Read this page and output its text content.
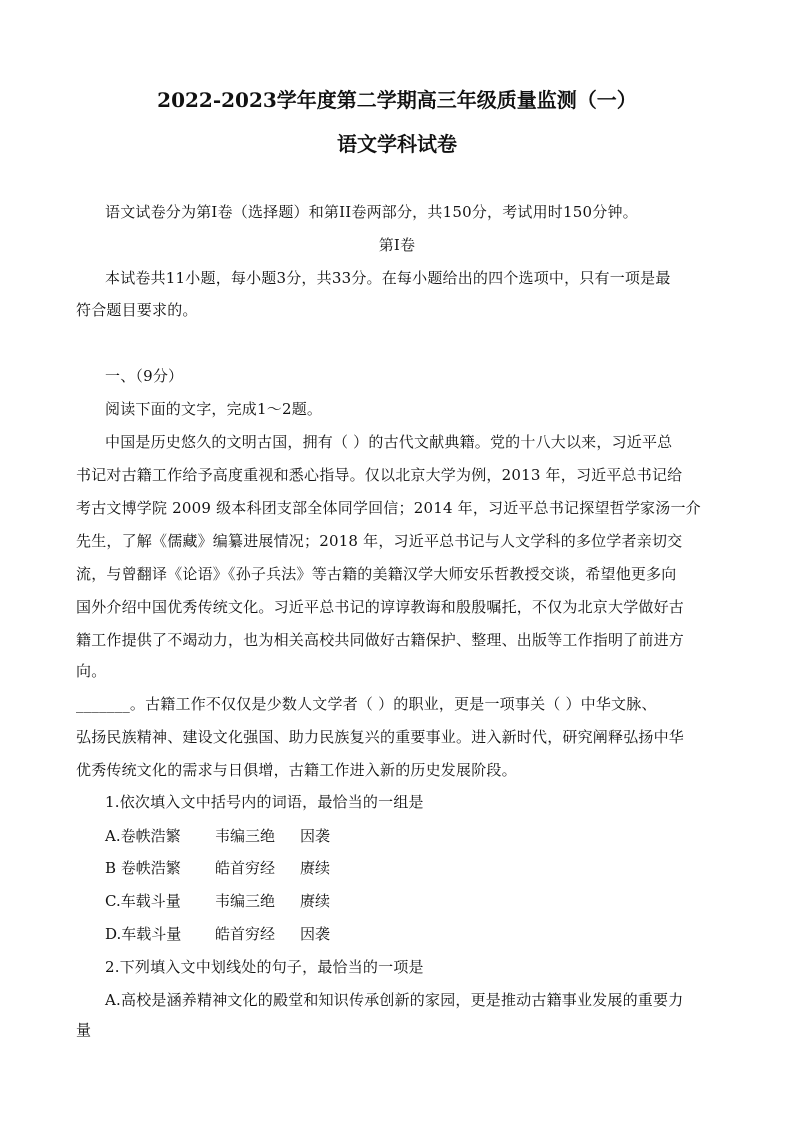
2022-2023学年度第二学期高三年级质量监测（一）
语文学科试卷
语文试卷分为第I卷（选择题）和第II卷两部分，共150分，考试用时150分钟。
第I卷
本试卷共11小题，每小题3分，共33分。在每小题给出的四个选项中，只有一项是最
符合题目要求的。
一、（9分）
阅读下面的文字，完成1～2题。
中国是历史悠久的文明古国，拥有（ ）的古代文献典籍。党的十八大以来，习近平总
书记对古籍工作给予高度重视和悉心指导。仅以北京大学为例，2013 年，习近平总书记给
考古文博学院 2009 级本科团支部全体同学回信；2014 年，习近平总书记探望哲学家汤一介
先生，了解《儒藏》编纂进展情况；2018 年，习近平总书记与人文学科的多位学者亲切交
流，与曾翻译《论语》《孙子兵法》等古籍的美籍汉学大师安乐哲教授交谈，希望他更多向
国外介绍中国优秀传统文化。习近平总书记的谆谆教诲和殷殷嘱托，不仅为北京大学做好古
籍工作提供了不竭动力，也为相关高校共同做好古籍保护、整理、出版等工作指明了前进方
向。
_______。古籍工作不仅仅是少数人文学者（ ）的职业，更是一项事关（ ）中华文脉、
弘扬民族精神、建设文化强国、助力民族复兴的重要事业。进入新时代，研究阐释弘扬中华
优秀传统文化的需求与日俱增，古籍工作进入新的历史发展阶段。
1.依次填入文中括号内的词语，最恰当的一组是
A.卷帙浩繁 韦编三绝 因袭
B 卷帙浩繁 皓首穷经 赓续
C.车载斗量 韦编三绝 赓续
D.车载斗量 皓首穷经 因袭
2.下列填入文中划线处的句子，最恰当的一项是
A.高校是涵养精神文化的殿堂和知识传承创新的家园，更是推动古籍事业发展的重要力
量
